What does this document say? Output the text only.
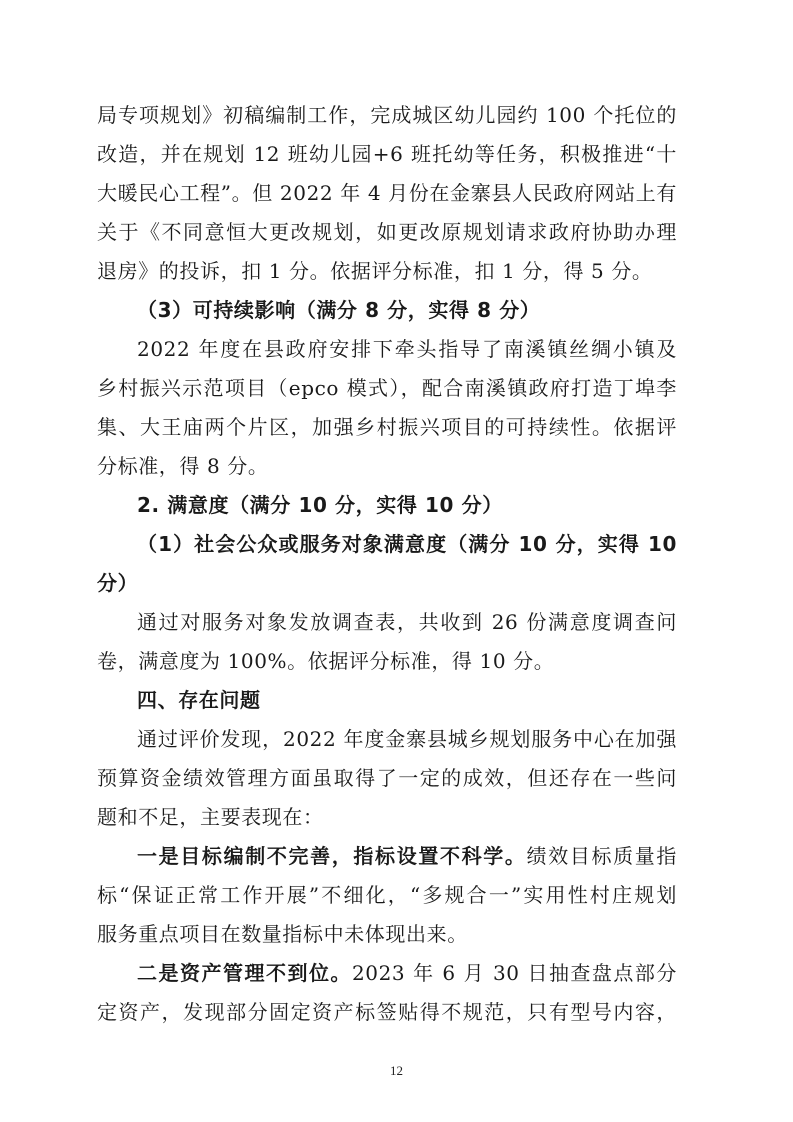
局专项规划》初稿编制工作，完成城区幼儿园约 100 个托位的
改造，并在规划 12 班幼儿园+6 班托幼等任务，积极推进“十
大暖民心工程”。但 2022 年 4 月份在金寨县人民政府网站上有
关于《不同意恒大更改规划，如更改原规划请求政府协助办理
退房》的投诉，扣 1 分。依据评分标准，扣 1 分，得 5 分。
（3）可持续影响（满分 8 分，实得 8 分）
2022 年度在县政府安排下牵头指导了南溪镇丝绸小镇及
乡村振兴示范项目（epco 模式），配合南溪镇政府打造丁埠李
集、大王庙两个片区，加强乡村振兴项目的可持续性。依据评
分标准，得 8 分。
2. 满意度（满分 10 分，实得 10 分）
（1）社会公众或服务对象满意度（满分 10 分，实得 10
分）
通过对服务对象发放调查表，共收到 26 份满意度调查问
卷，满意度为 100%。依据评分标准，得 10 分。
四、存在问题
通过评价发现，2022 年度金寨县城乡规划服务中心在加强
预算资金绩效管理方面虽取得了一定的成效，但还存在一些问
题和不足，主要表现在：
一是目标编制不完善，指标设置不科学。绩效目标质量指
标“保证正常工作开展”不细化，“多规合一”实用性村庄规划
服务重点项目在数量指标中未体现出来。
二是资产管理不到位。2023 年 6 月 30 日抽查盘点部分
定资产，发现部分固定资产标签贴得不规范，只有型号内容，
12
